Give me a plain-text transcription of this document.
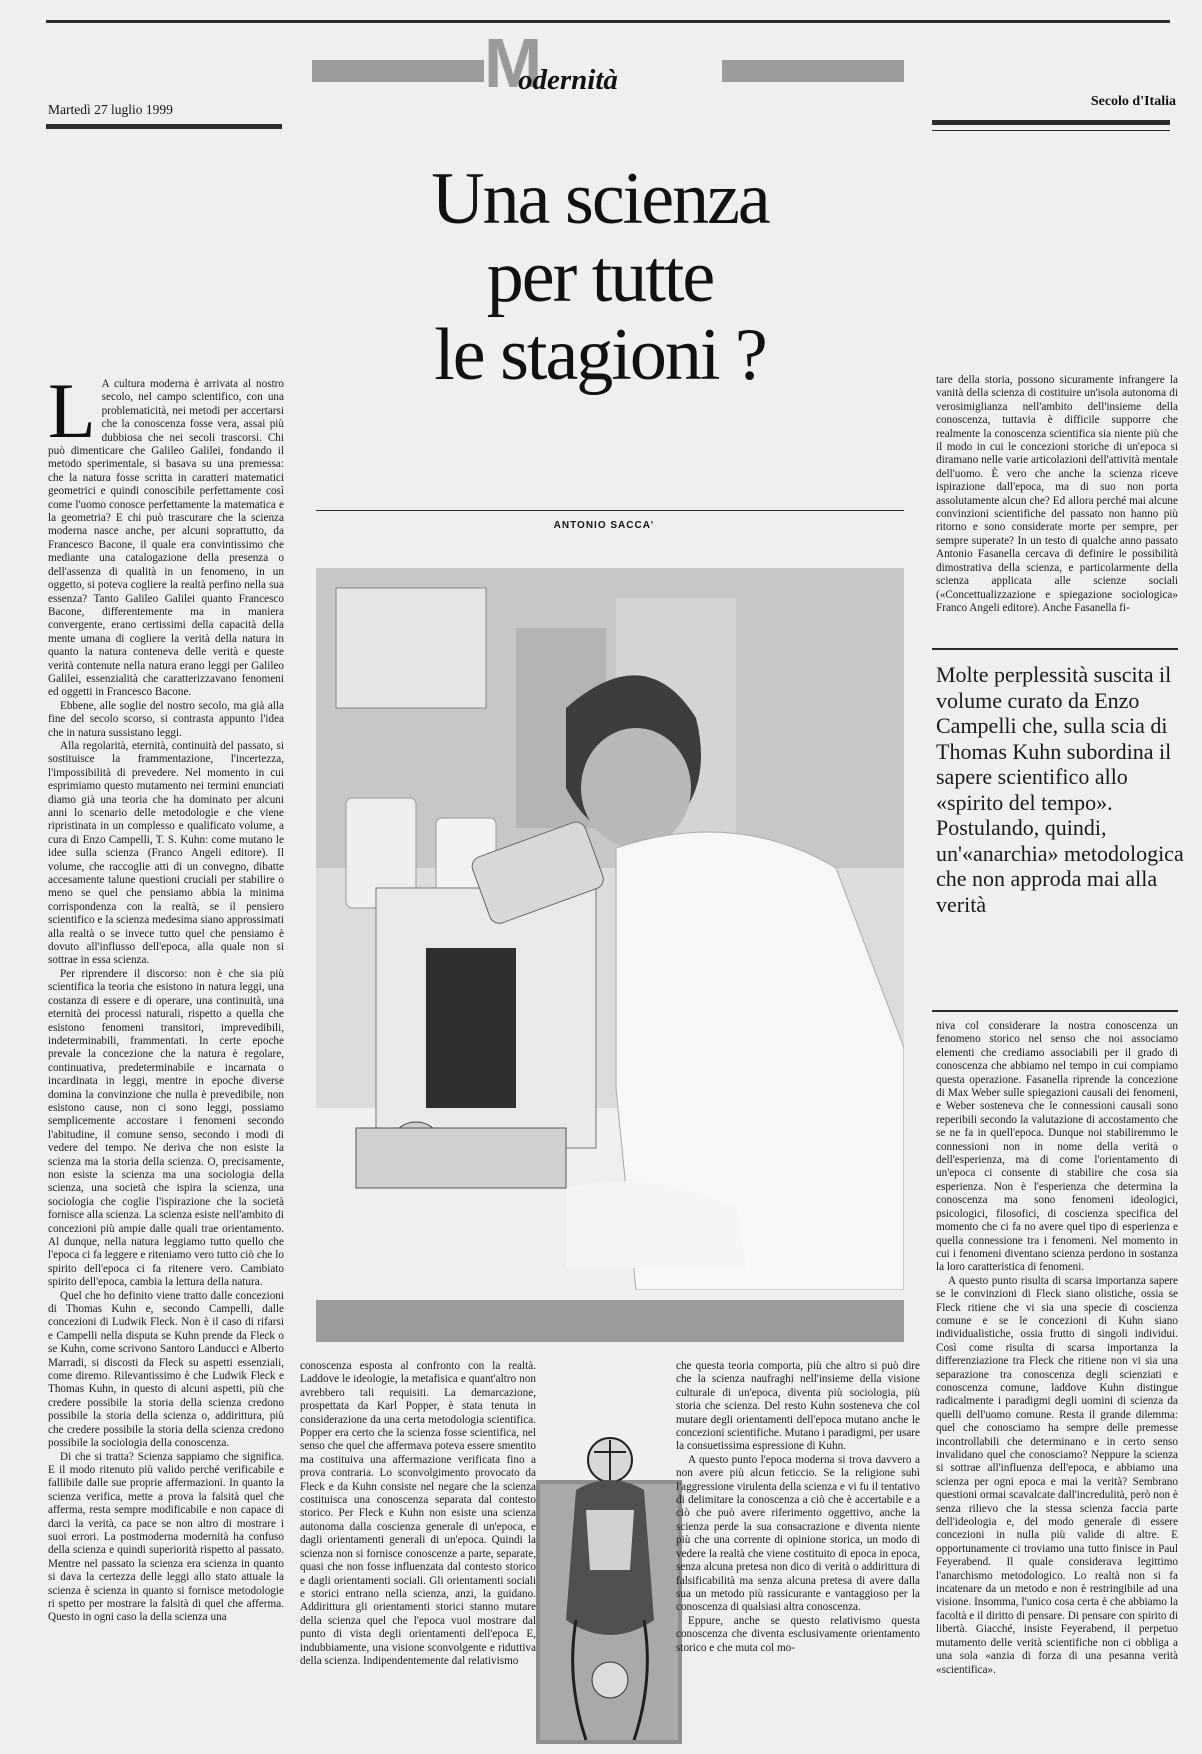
M
odernità
Martedì 27 luglio 1999
Secolo d'Italia
Una scienza
per tutte
le stagioni ?
ANTONIO SACCA'

L A cultura moderna è arrivata al nostro secolo, nel campo scientifico, con una problematicità, nei metodi per accertarsi che la conoscenza fosse vera, assai più dubbiosa che nei secoli trascorsi. Chi può dimenticare che Galileo Galilei, fondando il metodo sperimentale, si basava su una premessa: che la natura fosse scritta in caratteri matematici geometrici e quindi conoscibile perfettamente così come l'uomo conosce perfettamente la matematica e la geometria? E chi può trascurare che la scienza moderna nasce anche, per alcuni soprattutto, da Francesco Bacone, il quale era convintissimo che mediante una catalogazione della presenza o dell'assenza di qualità in un fenomeno, in un oggetto, si poteva cogliere la realtà perfino nella sua essenza? Tanto Galileo Galilei quanto Francesco Bacone, differentemente ma in maniera convergente, erano certissimi della capacità della mente umana di cogliere la verità della natura in quanto la natura conteneva delle verità e queste verità contenute nella natura erano leggi per Galileo Galilei, essenzialità che caratterizzavano fenomeni ed oggetti in Francesco Bacone.

Ebbene, alle soglie del nostro secolo, ma già alla fine del secolo scorso, si contrasta appunto l'idea che in natura sussistano leggi.

Alla regolarità, eternità, continuità del passato, si sostituisce la frammentazione, l'incertezza, l'impossibilità di prevedere. Nel momento in cui esprimiamo questo mutamento nei termini enunciati diamo già una teoria che ha dominato per alcuni anni lo scenario delle metodologie e che viene ripristinata in un complesso e qualificato volume, a cura di Enzo Campelli, T. S. Kuhn: come mutano le idee sulla scienza (Franco Angeli editore). Il volume, che raccoglie atti di un convegno, dibatte accesamente talune questioni cruciali per stabilire o meno se quel che pensiamo abbia la minima corrispondenza con la realtà, se il pensiero scientifico e la scienza medesima siano approssimati alla realtà o se invece tutto quel che pensiamo è dovuto all'influsso dell'epoca, alla quale non si sottrae in essa scienza.

Per riprendere il discorso: non è che sia più scientifica la teoria che esistono in natura leggi, una costanza di essere e di operare, una continuità, una eternità dei processi naturali, rispetto a quella che esistono fenomeni transitori, imprevedibili, indeterminabili, frammentati. In certe epoche prevale la concezione che la natura è regolare, continuativa, predeterminabile e incarnata o incardinata in leggi, mentre in epoche diverse domina la convinzione che nulla è prevedibile, non esistono cause, non ci sono leggi, possiamo semplicemente accostare i fenomeni secondo l'abitudine, il comune senso, secondo i modi di vedere del tempo. Ne deriva che non esiste la scienza ma la storia della scienza. O, precisamente, non esiste la scienza ma una sociologia della scienza, una società che ispira la scienza, una sociologia che coglie l'ispirazione che la società fornisce alla scienza. La scienza esiste nell'ambito di concezioni più ampie dalle quali trae orientamento. Al dunque, nella natura leggiamo tutto quello che l'epoca ci fa leggere e riteniamo vero tutto ciò che lo spirito dell'epoca ci fa ritenere vero. Cambiato spirito dell'epoca, cambia la lettura della natura.

Quel che ho definito viene tratto dalle concezioni di Thomas Kuhn e, secondo Campelli, dalle concezioni di Ludwik Fleck. Non è il caso di rifarsi e Campelli nella disputa se Kuhn prende da Fleck o se Kuhn, come scrivono Santoro Landucci e Alberto Marradi, si discosti da Fleck su aspetti essenziali, come diremo. Rilevantissimo è che Ludwik Fleck e Thomas Kuhn, in questo di alcuni aspetti, più che credere possibile la storia della scienza credono possibile la storia della scienza o, addirittura, più che credere possibile la storia della scienza credono possibile la sociologia della conoscenza.

Di che si tratta? Scienza sappiamo che significa. E il modo ritenuto più valido perché verificabile e fallibile dalle sue proprie affermazioni. In quanto la scienza verifica, mette a prova la falsità quel che afferma, resta sempre modificabile e non capace di darci la verità, ca pace se non altro di mostrare i suoi errori. La postmoderna modernità ha confuso della scienza e quindi superiorità rispetto al passato. Mentre nel passato la scienza era scienza in quanto si dava la certezza delle leggi allo stato attuale la scienza è scienza in quanto si fornisce metodologie ri spetto per mostrare la falsità di quel che afferma. Questo in ogni caso la della scienza una

conoscenza esposta al confronto con la realtà. Laddove le ideologie, la metafisica e quant'altro non avrebbero tali requisiti. La demarcazione, prospettata da Karl Popper, è stata tenuta in considerazione da una certa metodologia scientifica. Popper era certo che la scienza fosse scientifica, nel senso che quel che affermava poteva essere smentito ma costituiva una affermazione verificata fino a prova contraria. Lo sconvolgimento provocato da Fleck e da Kuhn consiste nel negare che la scienza costituisca una conoscenza separata dal contesto storico. Per Fleck e Kuhn non esiste una scienza autonoma dalla coscienza generale di un'epoca, e dagli orientamenti generali di un'epoca. Quindi la scienza non si fornisce conoscenze a parte, separate, quasi che non fosse influenzata dal contesto storico e dagli orientamenti sociali. Gli orientamenti sociali e storici entrano nella scienza, anzi, la guidano. Addirittura gli orientamenti storici stanno mutare della scienza quel che l'epoca vuol mostrare dal punto di vista degli orientamenti dell'epoca E, indubbiamente, una visione sconvolgente e riduttiva della scienza. Indipendentemente dal relativismo

che questa teoria comporta, più che altro si può dire che la scienza naufraghi nell'insieme della visione culturale di un'epoca, diventa più sociologia, più storia che scienza. Del resto Kuhn sosteneva che col mutare degli orientamenti dell'epoca mutano anche le concezioni scientifiche. Mutano i paradigmi, per usare la consuetissima espressione di Kuhn.

A questo punto l'epoca moderna si trova davvero a non avere più alcun feticcio. Se la religione subì l'aggressione virulenta della scienza e vi fu il tentativo di delimitare la conoscenza a ciò che è accertabile e a ciò che può avere riferimento oggettivo, anche la scienza perde la sua consacrazione e diventa niente più che una corrente di opinione storica, un modo di vedere la realtà che viene costituito di epoca in epoca, senza alcuna pretesa non dico di verità o addirittura di falsificabilità ma senza alcuna pretesa di avere dalla sua un metodo più rassicurante e vantaggioso per la conoscenza di qualsiasi altra conoscenza.

Eppure, anche se questo relativismo questa conoscenza che diventa esclusivamente orientamento storico e che muta col mo-

tare della storia, possono sicuramente infrangere la vanità della scienza di costituire un'isola autonoma di verosimiglianza nell'ambito dell'insieme della conoscenza, tuttavia è difficile supporre che realmente la conoscenza scientifica sia niente più che il modo in cui le concezioni storiche di un'epoca si diramano nelle varie articolazioni dell'attività mentale dell'uomo. È vero che anche la scienza riceve ispirazione dall'epoca, ma di suo non porta assolutamente alcun che? Ed allora perché mai alcune convinzioni scientifiche del passato non hanno più ritorno e sono considerate morte per sempre, per sempre superate? In un testo di qualche anno passato Antonio Fasanella cercava di definire le possibilità dimostrativa della scienza, e particolarmente della scienza applicata alle scienze sociali («Concettualizzazione e spiegazione sociologica» Franco Angeli editore). Anche Fasanella fi-

Molte perplessità suscita il volume curato da Enzo Campelli che, sulla scia di Thomas Kuhn subordina il sapere scientifico allo «spirito del tempo». Postulando, quindi, un'«anarchia» metodologica che non approda mai alla verità

niva col considerare la nostra conoscenza un fenomeno storico nel senso che noi associamo elementi che crediamo associabili per il grado di conoscenza che abbiamo nel tempo in cui compiamo questa operazione. Fasanella riprende la concezione di Max Weber sulle spiegazioni causali dei fenomeni, e Weber sosteneva che le connessioni causali sono reperibili secondo la valutazione di accostamento che se ne fa in quell'epoca. Dunque noi stabiliremmo le connessioni non in nome della verità o dell'esperienza, ma di come l'orientamento di un'epoca ci consente di stabilire che cosa sia esperienza. Non è l'esperienza che determina la conoscenza ma sono fenomeni ideologici, psicologici, filosofici, di coscienza specifica del momento che ci fa no avere quel tipo di esperienza e quella connessione tra i fenomeni. Nel momento in cui i fenomeni diventano scienza perdono in sostanza la loro caratteristica di fenomeni.

A questo punto risulta di scarsa importanza sapere se le convinzioni di Fleck siano olistiche, ossia se Fleck ritiene che vi sia una specie di coscienza comune e se le concezioni di Kuhn siano individualistiche, ossia frutto di singoli individui. Così come risulta di scarsa importanza la differenziazione tra Fleck che ritiene non vi sia una separazione tra conoscenza degli scienziati e conoscenza comune, laddove Kuhn distingue radicalmente i paradigmi degli uomini di scienza da quelli dell'uomo comune. Resta il grande dilemma: quel che conosciamo ha sempre delle premesse incontrollabili che determinano e in certo senso invalidano quel che conosciamo? Neppure la scienza si sottrae all'influenza dell'epoca, e abbiamo una scienza per ogni epoca e mai la verità? Sembrano questioni ormai scavalcate dall'incredulità, però non è senza rilievo che la stessa scienza faccia parte dell'ideologia e, del modo generale di essere concezioni in nulla più valide di altre. E opportunamente ci troviamo una tutto finisce in Paul Feyerabend. Il quale considerava legittimo l'anarchismo metodologico. Lo realtà non si fa incatenare da un metodo e non è restringibile ad una visione. Insomma, l'unico cosa certa è che abbiamo la facoltà e il diritto di pensare. Di pensare con spirito di libertà. Giacché, insiste Feyerabend, il perpetuo mutamento delle verità scientifiche non ci obbliga a una sola «anzia di forza di una pesanna verità «scientifica».
